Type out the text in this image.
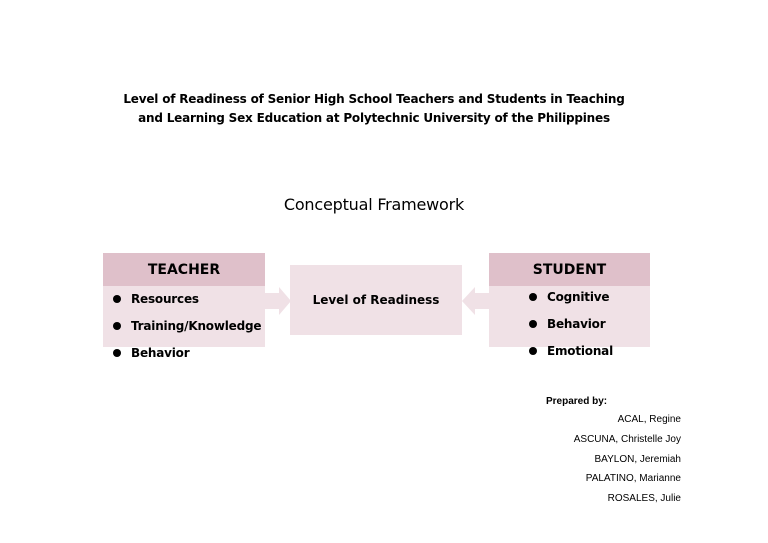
Level of Readiness of Senior High School Teachers and Students in Teaching
and Learning Sex Education at Polytechnic University of the Philippines
Conceptual Framework
TEACHER
Resources
Training/Knowledge
Behavior
Level of Readiness
STUDENT
Cognitive
Behavior
Emotional
Prepared by:
ACAL, Regine
ASCUNA, Christelle Joy
BAYLON, Jeremiah
PALATINO, Marianne
ROSALES, Julie
